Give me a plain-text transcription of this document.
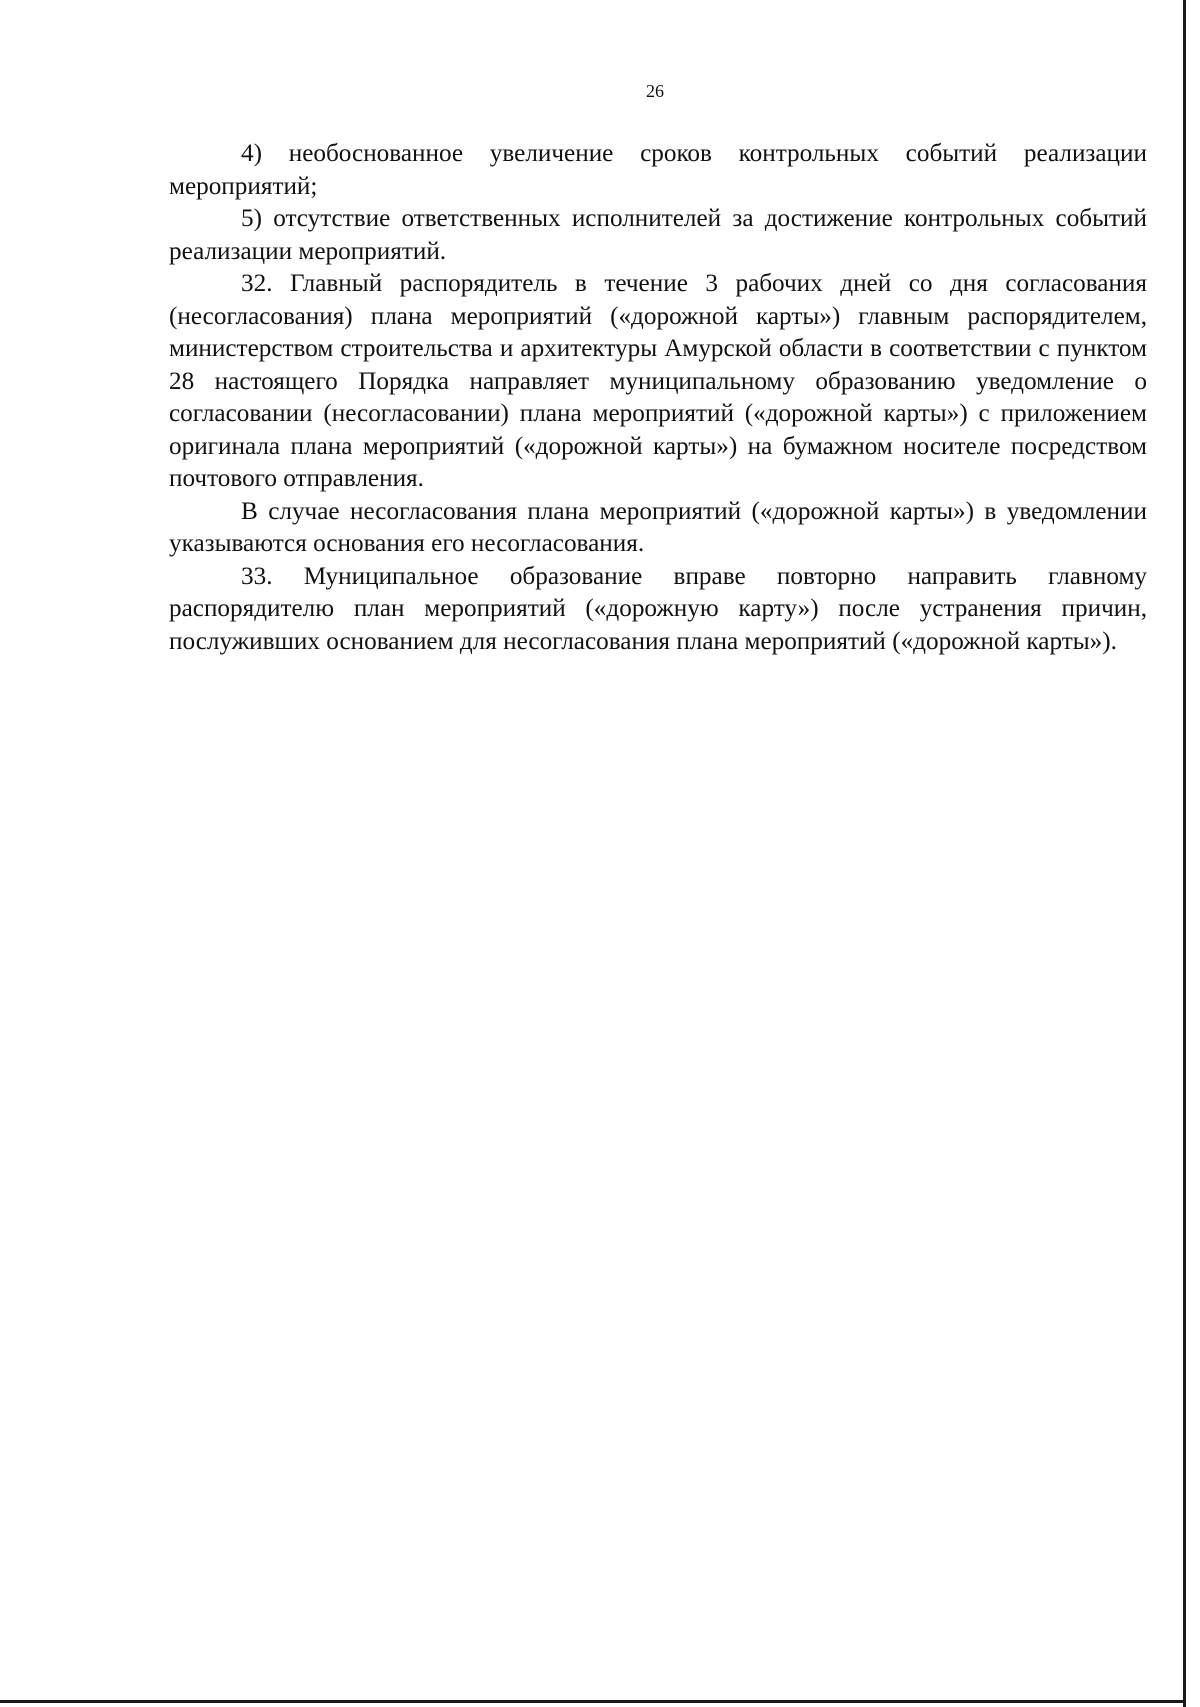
26

4) необоснованное увеличение сроков контрольных событий реализации мероприятий;

5) отсутствие ответственных исполнителей за достижение контрольных событий реализации мероприятий.

32. Главный распорядитель в течение 3 рабочих дней со дня согласования (несогласования) плана мероприятий («дорожной карты») главным распорядителем, министерством строительства и архитектуры Амурской области в соответствии с пунктом 28 настоящего Порядка направляет муниципальному образованию уведомление о согласовании (несогласовании) плана мероприятий («дорожной карты») с приложением оригинала плана мероприятий («дорожной карты») на бумажном носителе посредством почтового отправления.

В случае несогласования плана мероприятий («дорожной карты») в уведомлении указываются основания его несогласования.

33. Муниципальное образование вправе повторно направить главному распорядителю план мероприятий («дорожную карту») после устранения причин, послуживших основанием для несогласования плана мероприятий («дорожной карты»).
